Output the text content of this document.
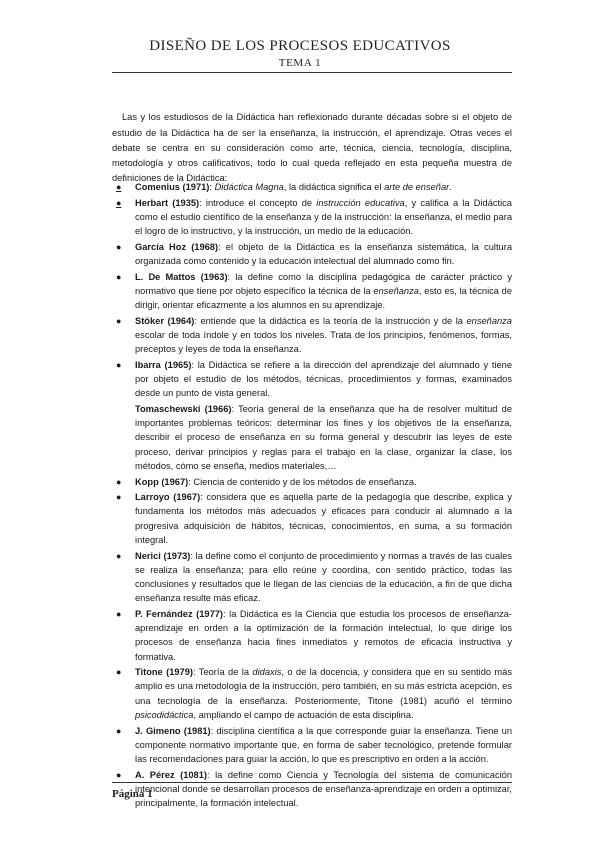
DISEÑO DE LOS PROCESOS EDUCATIVOS
TEMA 1

Las y los estudiosos de la Didáctica han reflexionado durante décadas sobre si el objeto de estudio de la Didáctica ha de ser la enseñanza, la instrucción, el aprendizaje. Otras veces el debate se centra en su consideración como arte, técnica, ciencia, tecnología, disciplina, metodología y otros calificativos, todo lo cual queda reflejado en esta pequeña muestra de definiciones de la Didáctica:

● Comenius (1971): Didáctica Magna, la didáctica significa el arte de enseñar.
● Herbart (1935): introduce el concepto de instrucción educativa, y califica a la Didáctica como el estudio científico de la enseñanza y de la instrucción: la enseñanza, el medio para el logro de lo instructivo, y la instrucción, un medio de la educación.
● García Hoz (1968): el objeto de la Didáctica es la enseñanza sistemática, la cultura organizada como contenido y la educación intelectual del alumnado como fin.
● L. De Mattos (1963): la define como la disciplina pedagógica de carácter práctico y normativo que tiene por objeto específico la técnica de la enseñanza, esto es, la técnica de dirigir, orientar eficazmente a los alumnos en su aprendizaje.
● Stöker (1964): entiende que la didáctica es la teoría de la instrucción y de la enseñanza escolar de toda índole y en todos los niveles. Trata de los principios, fenómenos, formas, preceptos y leyes de toda la enseñanza.
● Ibarra (1965): la Didáctica se refiere a la dirección del aprendizaje del alumnado y tiene por objeto el estudio de los métodos, técnicas, procedimientos y formas, examinados desde un punto de vista general.
Tomaschewski (1966): Teoría general de la enseñanza que ha de resolver multitud de importantes problemas teóricos: determinar los fines y los objetivos de la enseñanza, describir el proceso de enseñanza en su forma general y descubrir las leyes de este proceso, derivar principios y reglas para el trabajo en la clase, organizar la clase, los métodos, cómo se enseña, medios materiales,…
● Kopp (1967): Ciencia de contenido y de los métodos de enseñanza.
● Larroyo (1967): considera que es aquella parte de la pedagogía que describe, explica y fundamenta los métodos más adecuados y eficaces para conducir al alumnado a la progresiva adquisición de hábitos, técnicas, conocimientos, en suma, a su formación integral.
● Nerici (1973): la define como el conjunto de procedimiento y normas a través de las cuales se realiza la enseñanza; para ello reúne y coordina, con sentido práctico, todas las conclusiones y resultados que le llegan de las ciencias de la educación, a fin de que dicha enseñanza resulte más eficaz.
● P. Fernández (1977): la Didáctica es la Ciencia que estudia los procesos de enseñanza-aprendizaje en orden a la optimización de la formación intelectual, lo que dirige los procesos de enseñanza hacia fines inmediatos y remotos de eficacia instructiva y formativa.
● Titone (1979): Teoría de la didaxis, o de la docencia, y considera que en su sentido más amplio es una metodología de la instrucción, pero también, en su más estricta acepción, es una tecnología de la enseñanza. Posteriormente, Titone (1981) acuñó el término psicodidáctica, ampliando el campo de actuación de esta disciplina.
● J. Gimeno (1981): disciplina científica a la que corresponde guiar la enseñanza. Tiene un componente normativo importante que, en forma de saber tecnológico, pretende formular las recomendaciones para guiar la acción, lo que es prescriptivo en orden a la acción.
● A. Pérez (1081): la define como Ciencia y Tecnología del sistema de comunicación intencional donde se desarrollan procesos de enseñanza-aprendizaje en orden a optimizar, principalmente, la formación intelectual.
Página 1
